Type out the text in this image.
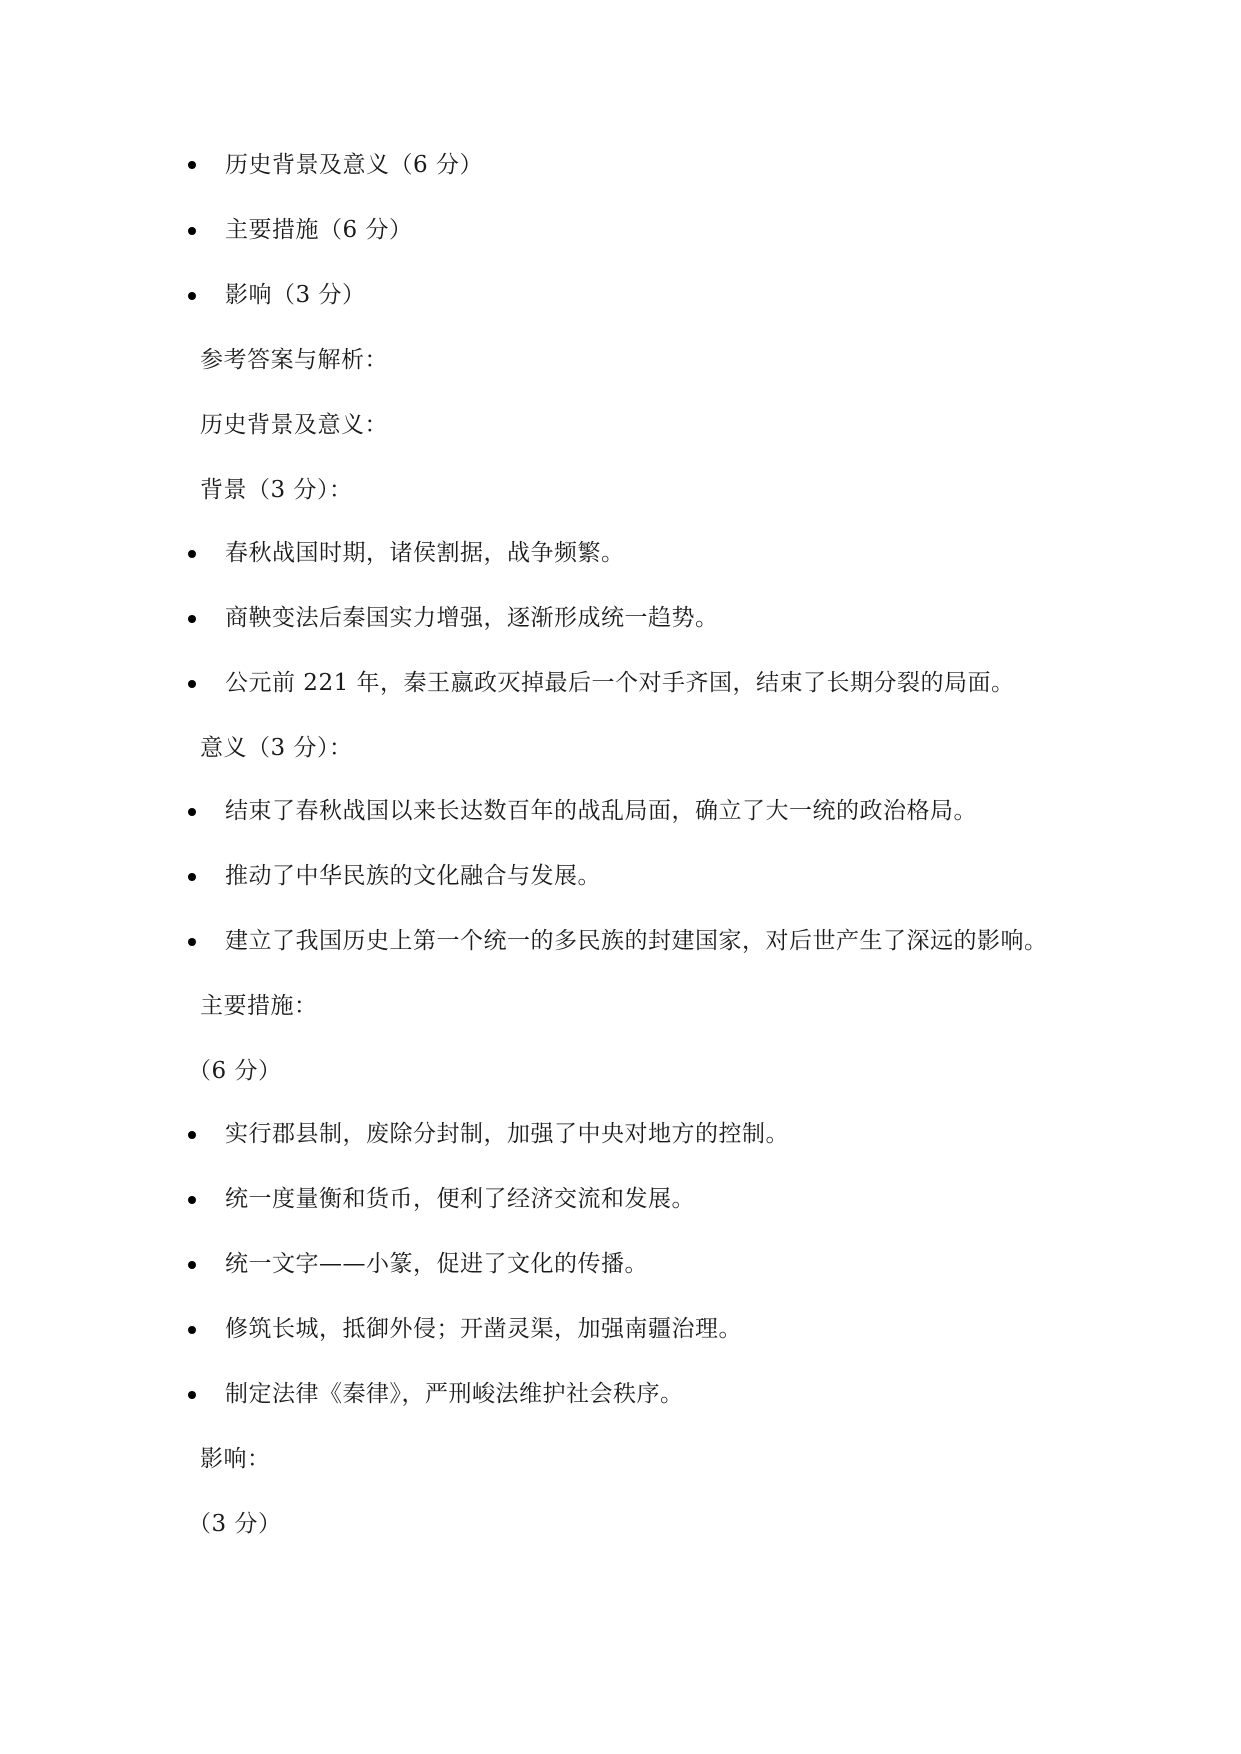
历史背景及意义（6 分）
主要措施（6 分）
影响（3 分）
参考答案与解析：
历史背景及意义：
背景（3 分）：
春秋战国时期，诸侯割据，战争频繁。
商鞅变法后秦国实力增强，逐渐形成统一趋势。
公元前 221 年，秦王嬴政灭掉最后一个对手齐国，结束了长期分裂的局面。
意义（3 分）：
结束了春秋战国以来长达数百年的战乱局面，确立了大一统的政治格局。
推动了中华民族的文化融合与发展。
建立了我国历史上第一个统一的多民族的封建国家，对后世产生了深远的影响。
主要措施：
（6 分）
实行郡县制，废除分封制，加强了中央对地方的控制。
统一度量衡和货币，便利了经济交流和发展。
统一文字——小篆，促进了文化的传播。
修筑长城，抵御外侵；开凿灵渠，加强南疆治理。
制定法律《秦律》，严刑峻法维护社会秩序。
影响：
（3 分）
